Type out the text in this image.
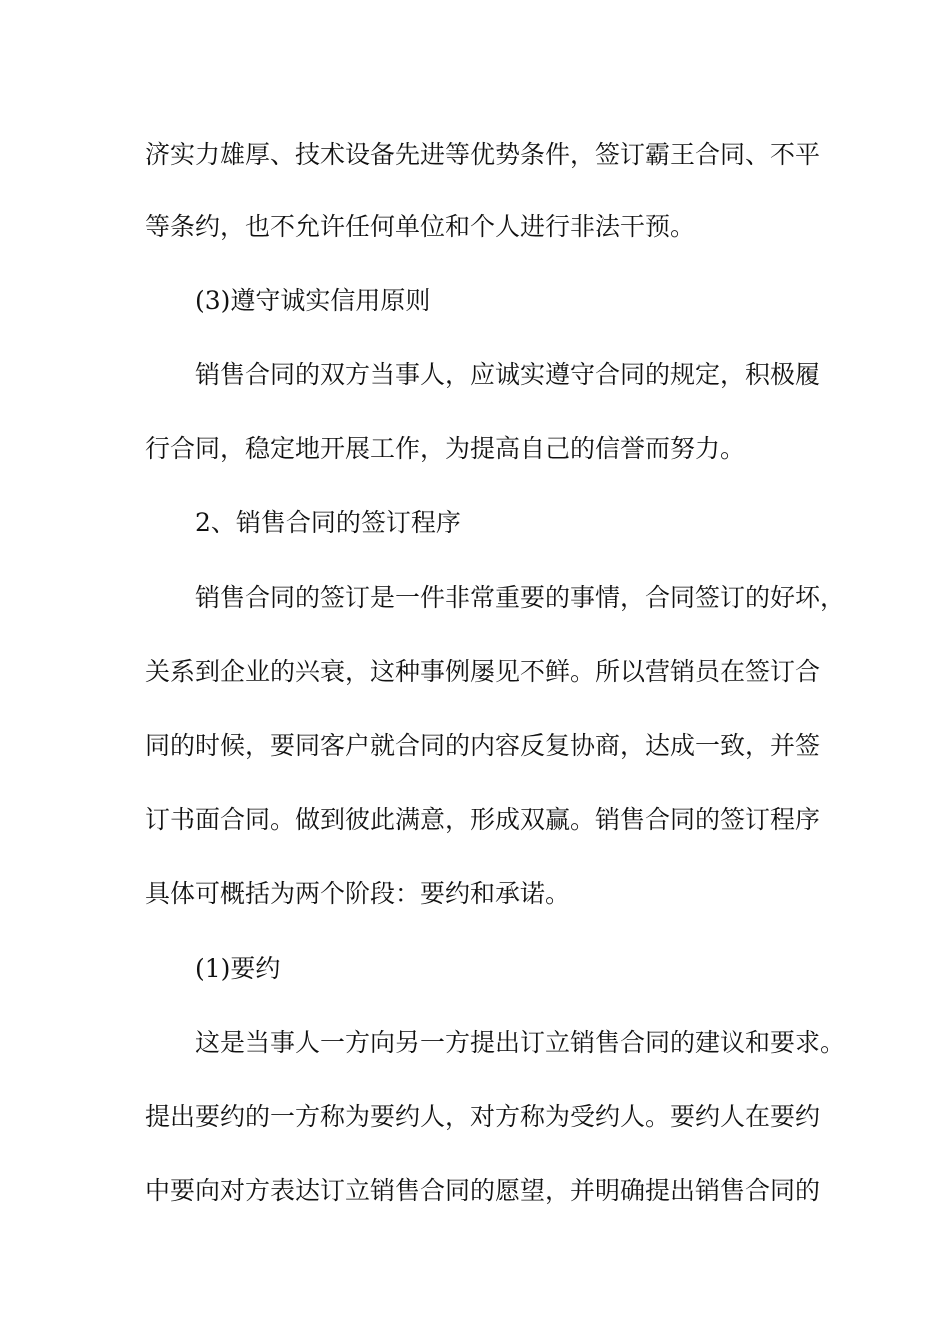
济实力雄厚、技术设备先进等优势条件，签订霸王合同、不平

等条约，也不允许任何单位和个人进行非法干预。

(3)遵守诚实信用原则

销售合同的双方当事人，应诚实遵守合同的规定，积极履

行合同，稳定地开展工作，为提高自己的信誉而努力。

2、销售合同的签订程序

销售合同的签订是一件非常重要的事情，合同签订的好坏，

关系到企业的兴衰，这种事例屡见不鲜。所以营销员在签订合

同的时候，要同客户就合同的内容反复协商，达成一致，并签

订书面合同。做到彼此满意，形成双赢。销售合同的签订程序

具体可概括为两个阶段：要约和承诺。

(1)要约

这是当事人一方向另一方提出订立销售合同的建议和要求。

提出要约的一方称为要约人，对方称为受约人。要约人在要约

中要向对方表达订立销售合同的愿望，并明确提出销售合同的
